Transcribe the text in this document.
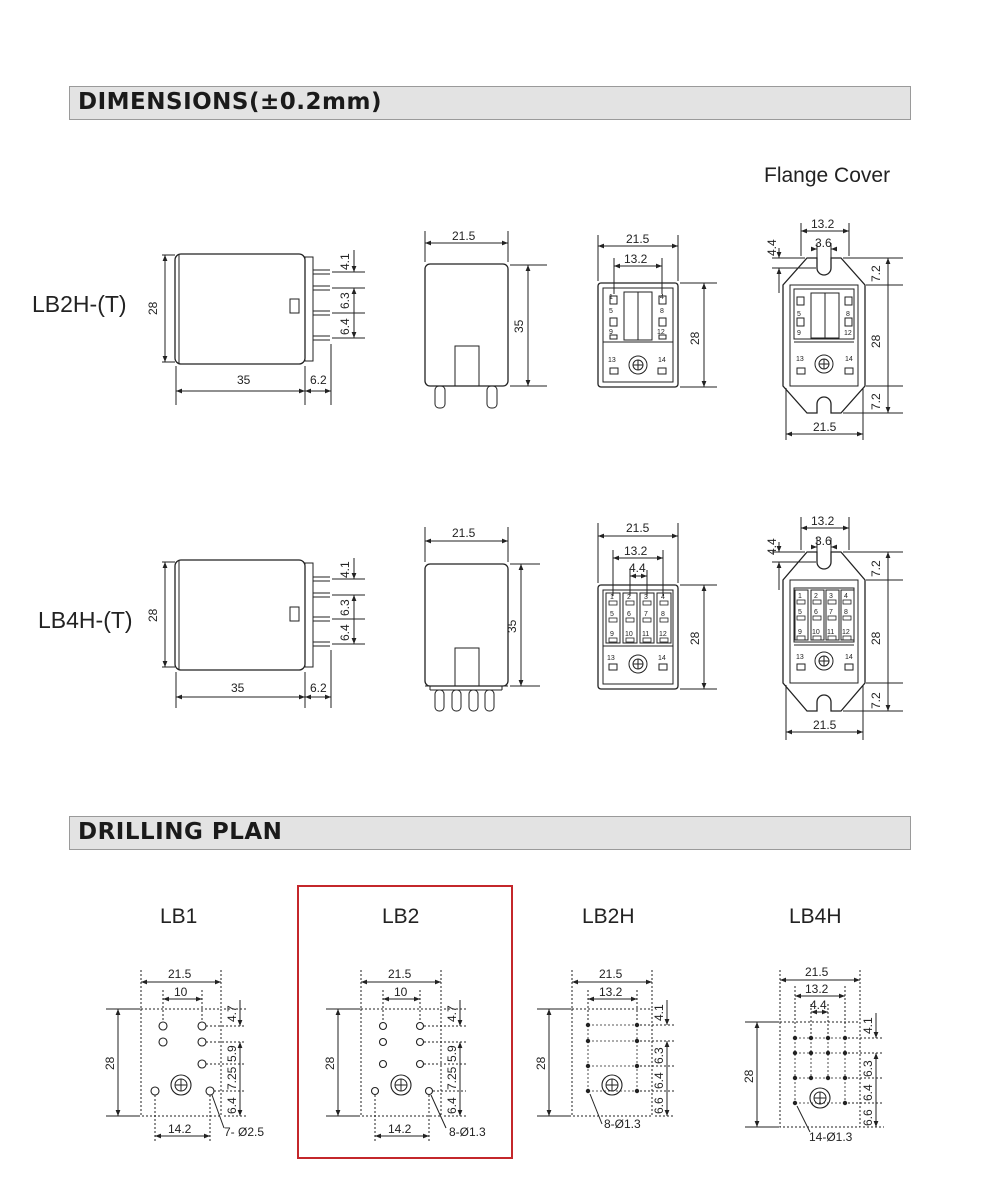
DIMENSIONS(±0.2mm)
DRILLING PLAN
Flange Cover
LB2H-(T) 28
35	6.2
4.1
6.3
6.4
21.5
35
1	4
5	8
9	12
13	14
21.5
13.2
28
5	8
9	12
13	14
13.2
3.6
4.4
7.2
28
7.2
21.5
LB4H-(T) 28
35	6.2
4.1
6.3
6.4
21.5
35
1 2 3 4
5 6 7 8
9 10 11 12
13	14
21.5
13.2
4.4
28
1 2 3 4
5 6 7 8
9 10 11 12
13	14
13.2
3.6
4.4
7.2
28
7.2
21.5
LB1
21.5
10
28
4.7
5.9
7.25
6.4
14.2	7- Ø2.5
LB2
21.5
10
28
4.7
5.9
7.25
6.4
14.2	8-Ø1.3
LB2H
21.5
13.2
28
4.1
6.3
6.4
6.6
8-Ø1.3
LB4H
21.5
13.2
4.4
28
4.1
6.3
6.4
6.6
14-Ø1.3
